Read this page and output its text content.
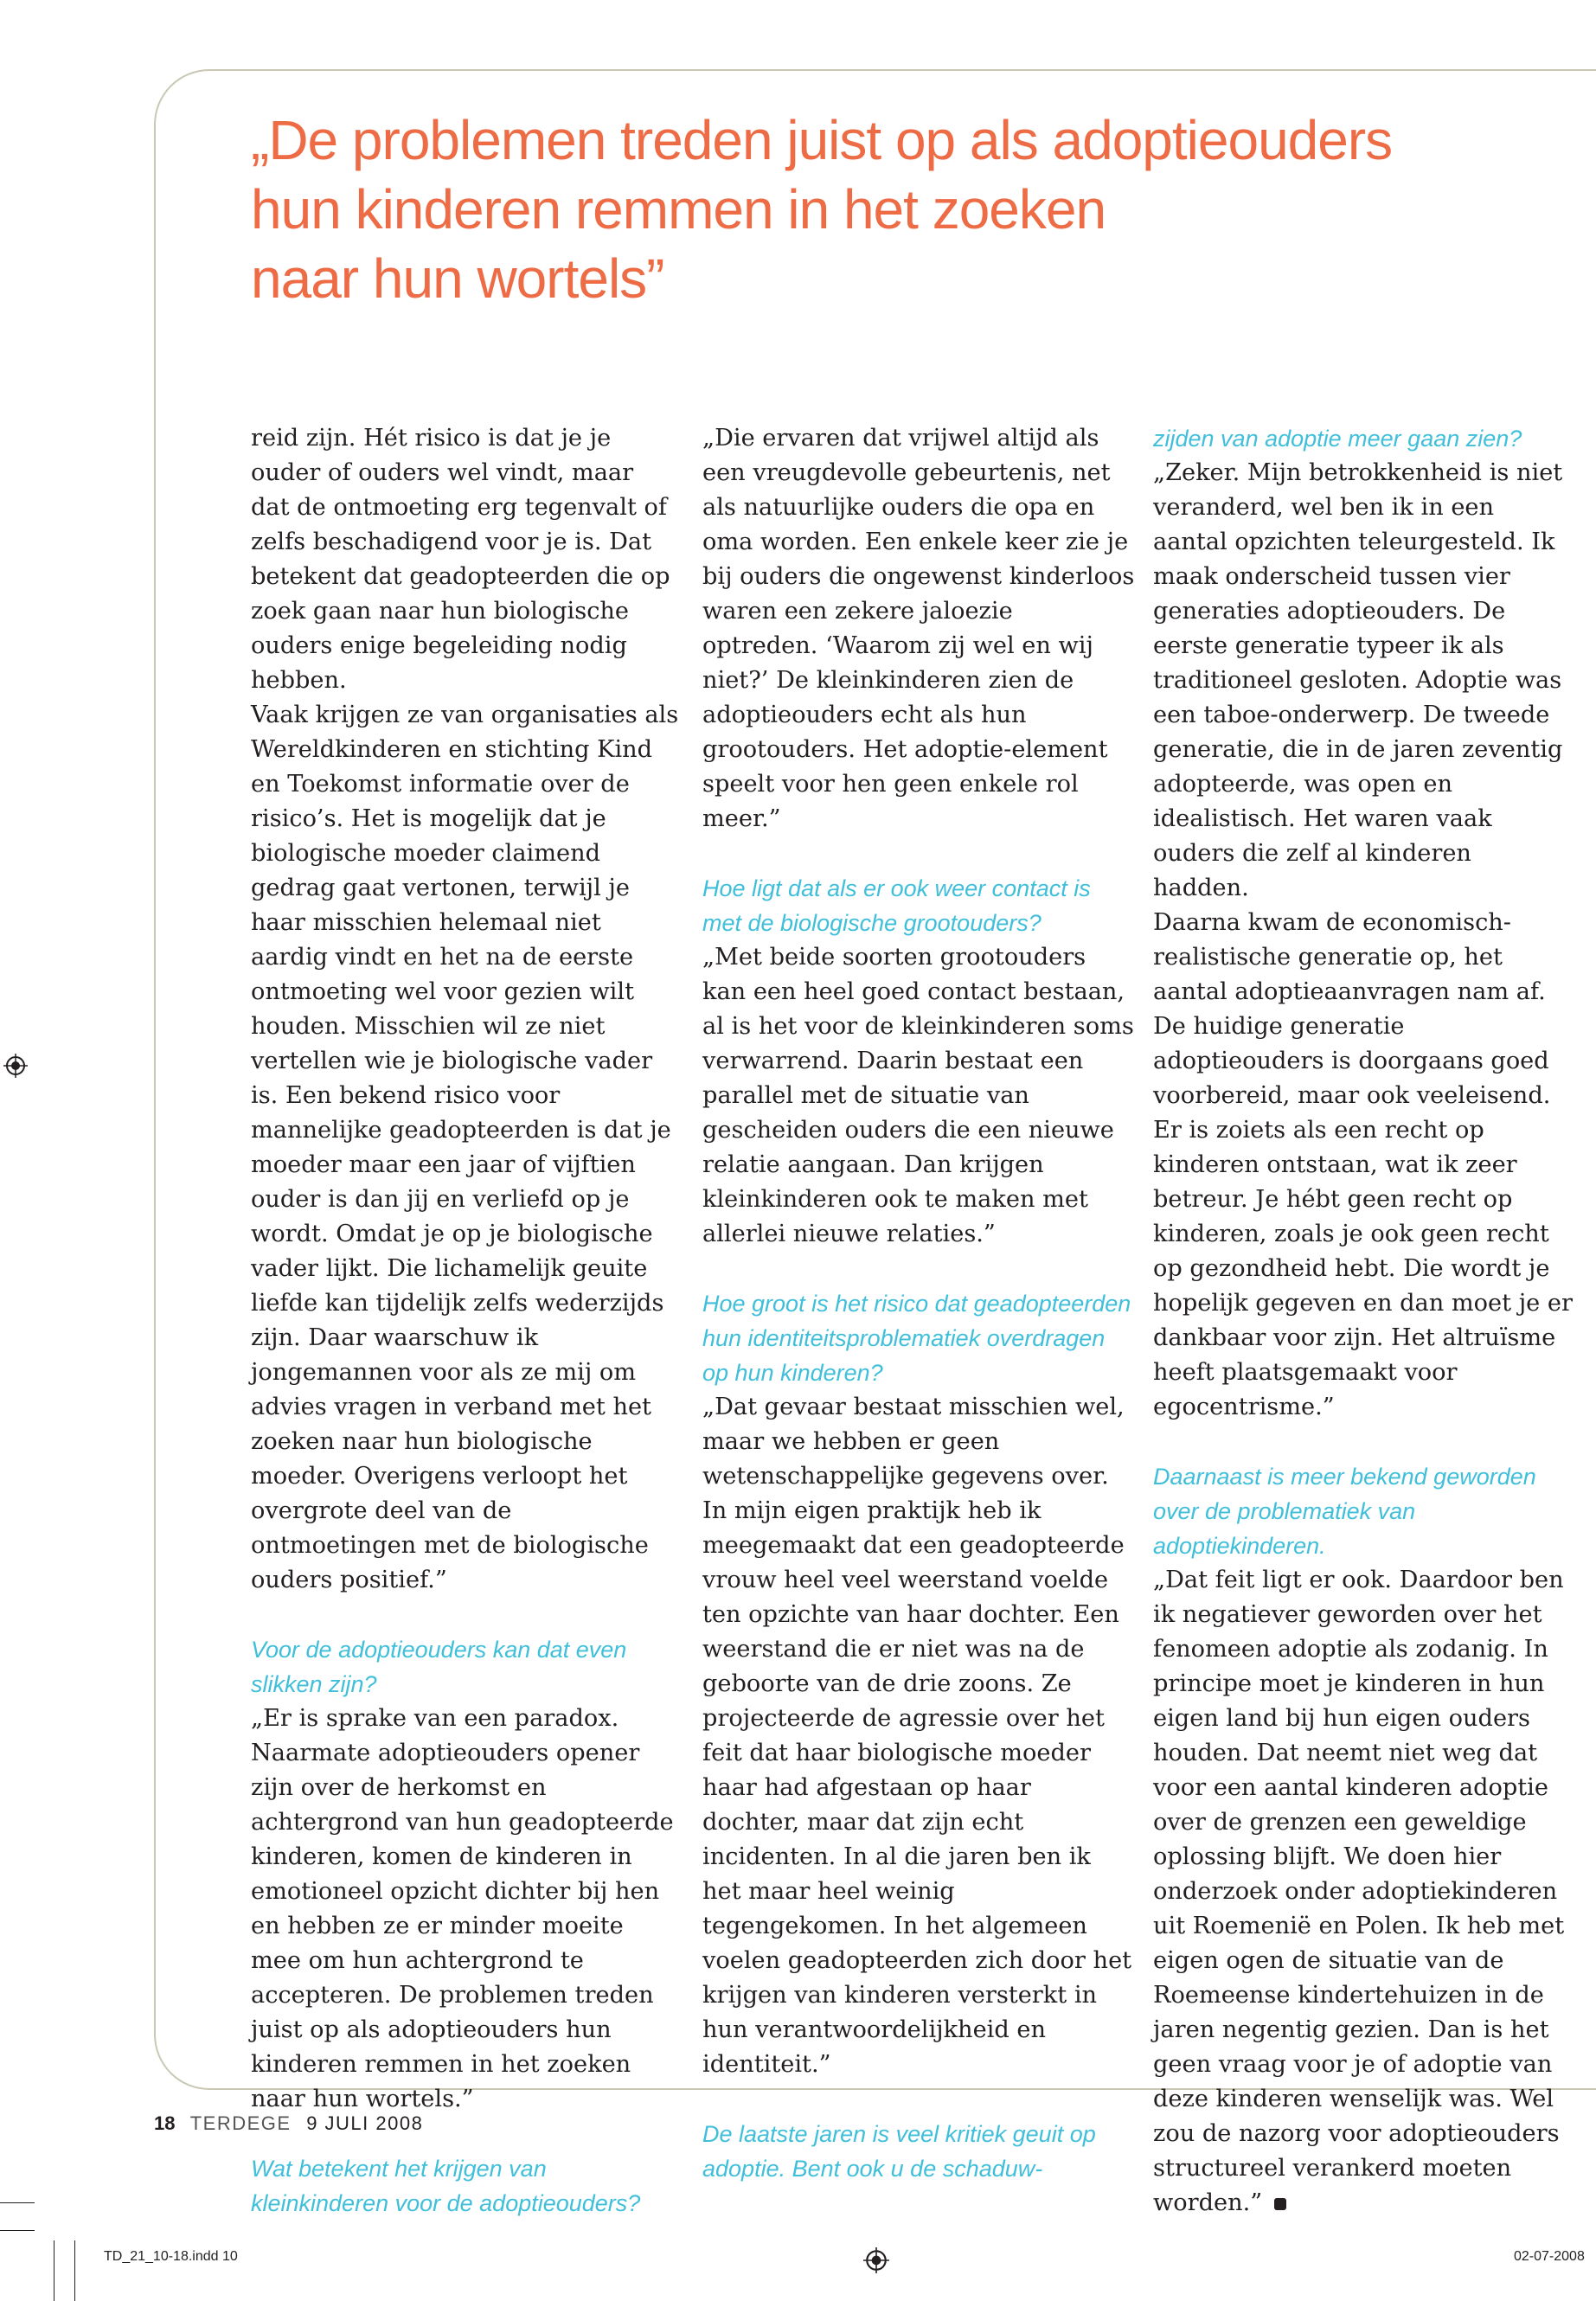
„De problemen treden juist op als adoptieouders
hun kinderen remmen in het zoeken
naar hun wortels”

reid zijn. Hét risico is dat je je ouder of ouders wel vindt, maar dat de ontmoeting erg tegenvalt of zelfs beschadigend voor je is. Dat betekent dat geadopteerden die op zoek gaan naar hun biologische ouders enige begeleiding nodig hebben.

Vaak krijgen ze van organisaties als Wereldkinderen en stichting Kind en Toekomst informatie over de risico’s. Het is mogelijk dat je biologische moeder claimend gedrag gaat vertonen, terwijl je haar misschien helemaal niet aardig vindt en het na de eerste ontmoeting wel voor gezien wilt houden. Misschien wil ze niet vertellen wie je biologische vader is. Een bekend risico voor mannelijke geadopteerden is dat je moeder maar een jaar of vijftien ouder is dan jij en verliefd op je wordt. Omdat je op je biologische vader lijkt. Die lichamelijk geuite liefde kan tijdelijk zelfs wederzijds zijn. Daar waarschuw ik jongemannen voor als ze mij om advies vragen in verband met het zoeken naar hun biologische moeder. Overigens verloopt het overgrote deel van de ontmoetingen met de biologische ouders positief.”

Voor de adoptieouders kan dat even slikken zijn?

„Er is sprake van een paradox. Naarmate adoptieouders opener zijn over de herkomst en achtergrond van hun geadopteerde kinderen, komen de kinderen in emotioneel opzicht dichter bij hen en hebben ze er minder moeite mee om hun achtergrond te accepteren. De problemen treden juist op als adoptieouders hun kinderen remmen in het zoeken naar hun wortels.”

Wat betekent het krijgen van kleinkinderen voor de adoptieouders?

„Die ervaren dat vrijwel altijd als een vreugdevolle gebeurtenis, net als natuurlijke ouders die opa en oma worden. Een enkele keer zie je bij ouders die ongewenst kinderloos waren een zekere jaloezie optreden. ‘Waarom zij wel en wij niet?’ De kleinkinderen zien de adoptieouders echt als hun grootouders. Het adoptie-element speelt voor hen geen enkele rol meer.”

Hoe ligt dat als er ook weer contact is met de biologische grootouders?

„Met beide soorten grootouders kan een heel goed contact bestaan, al is het voor de kleinkinderen soms verwarrend. Daarin bestaat een parallel met de situatie van gescheiden ouders die een nieuwe relatie aangaan. Dan krijgen kleinkinderen ook te maken met allerlei nieuwe relaties.”

Hoe groot is het risico dat geadopteerden hun identiteitsproblematiek overdragen op hun kinderen?

„Dat gevaar bestaat misschien wel, maar we hebben er geen wetenschappelijke gegevens over. In mijn eigen praktijk heb ik meegemaakt dat een geadopteerde vrouw heel veel weerstand voelde ten opzichte van haar dochter. Een weerstand die er niet was na de geboorte van de drie zoons. Ze projecteerde de agressie over het feit dat haar biologische moeder haar had afgestaan op haar dochter, maar dat zijn echt incidenten. In al die jaren ben ik het maar heel weinig tegengekomen. In het algemeen voelen geadopteerden zich door het krijgen van kinderen versterkt in hun verantwoordelijkheid en identiteit.”

De laatste jaren is veel kritiek geuit op adoptie. Bent ook u de schaduw-

zijden van adoptie meer gaan zien?

„Zeker. Mijn betrokkenheid is niet veranderd, wel ben ik in een aantal opzichten teleurgesteld. Ik maak onderscheid tussen vier generaties adoptieouders. De eerste generatie typeer ik als traditioneel gesloten. Adoptie was een taboe-onderwerp. De tweede generatie, die in de jaren zeventig adopteerde, was open en idealistisch. Het waren vaak ouders die zelf al kinderen hadden.

Daarna kwam de economisch-realistische generatie op, het aantal adoptieaanvragen nam af. De huidige generatie adoptieouders is doorgaans goed voorbereid, maar ook veeleisend. Er is zoiets als een recht op kinderen ontstaan, wat ik zeer betreur. Je hébt geen recht op kinderen, zoals je ook geen recht op gezondheid hebt. Die wordt je hopelijk gegeven en dan moet je er dankbaar voor zijn. Het altruïsme heeft plaatsgemaakt voor egocentrisme.”

Daarnaast is meer bekend geworden over de problematiek van adoptiekinderen.

„Dat feit ligt er ook. Daardoor ben ik negatiever geworden over het fenomeen adoptie als zodanig. In principe moet je kinderen in hun eigen land bij hun eigen ouders houden. Dat neemt niet weg dat voor een aantal kinderen adoptie over de grenzen een geweldige oplossing blijft. We doen hier onderzoek onder adoptiekinderen uit Roemenië en Polen. Ik heb met eigen ogen de situatie van de Roemeense kindertehuizen in de jaren negentig gezien. Dan is het geen vraag voor je of adoptie van deze kinderen wenselijk was. Wel zou de nazorg voor adoptieouders structureel verankerd moeten worden.”

18 TERDEGE 9 JULI 2008
TD_21_10-18.indd 10	02-07-2008
